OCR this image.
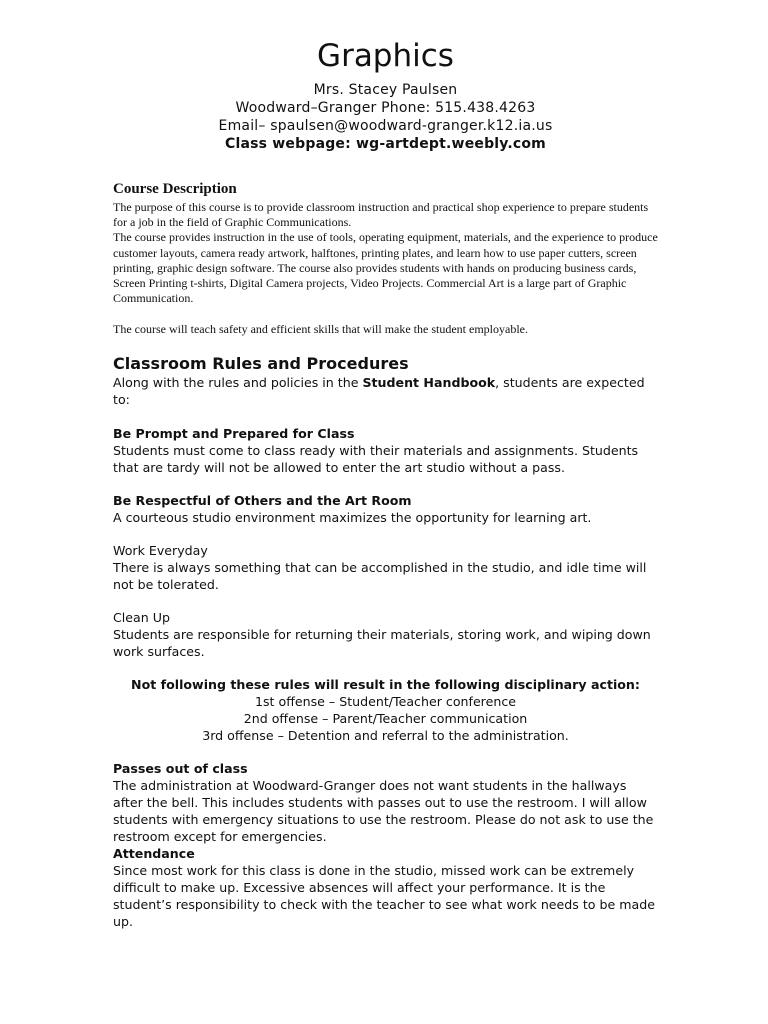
Graphics

Mrs. Stacey Paulsen

Woodward–Granger Phone: 515.438.4263

Email– spaulsen@woodward-granger.k12.ia.us

Class webpage: wg-artdept.weebly.com

Course Description

The purpose of this course is to provide classroom instruction and practical shop experience to prepare students for a job in the field of Graphic Communications.

The course provides instruction in the use of tools, operating equipment, materials, and the experience to produce customer layouts, camera ready artwork, halftones, printing plates, and learn how to use paper cutters, screen printing, graphic design software. The course also provides students with hands on producing business cards, Screen Printing t-shirts, Digital Camera projects, Video Projects. Commercial Art is a large part of Graphic Communication.

The course will teach safety and efficient skills that will make the student employable.

Classroom Rules and Procedures

Along with the rules and policies in the Student Handbook, students are expected to:

Be Prompt and Prepared for Class

Students must come to class ready with their materials and assignments. Students that are tardy will not be allowed to enter the art studio without a pass.

Be Respectful of Others and the Art Room

A courteous studio environment maximizes the opportunity for learning art.

Work Everyday

There is always something that can be accomplished in the studio, and idle time will not be tolerated.

Clean Up

Students are responsible for returning their materials, storing work, and wiping down work surfaces.

Not following these rules will result in the following disciplinary action:

1st offense – Student/Teacher conference

2nd offense – Parent/Teacher communication

3rd offense – Detention and referral to the administration.

Passes out of class

The administration at Woodward-Granger does not want students in the hallways after the bell. This includes students with passes out to use the restroom. I will allow students with emergency situations to use the restroom. Please do not ask to use the restroom except for emergencies.

Attendance

Since most work for this class is done in the studio, missed work can be extremely difficult to make up. Excessive absences will affect your performance. It is the student’s responsibility to check with the teacher to see what work needs to be made up.
